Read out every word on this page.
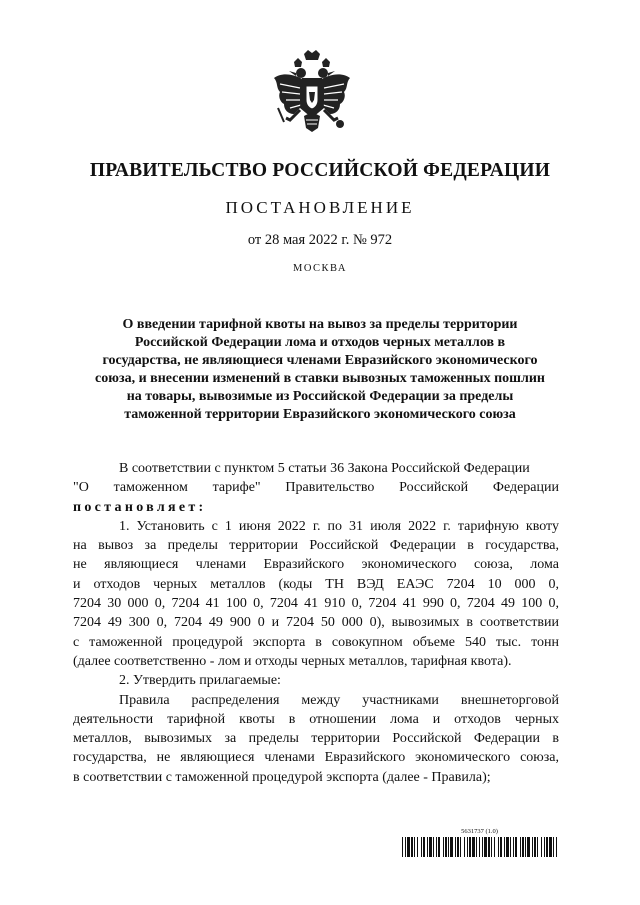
ПРАВИТЕЛЬСТВО РОССИЙСКОЙ ФЕДЕРАЦИИ
ПОСТАНОВЛЕНИЕ
от 28 мая 2022 г. № 972
МОСКВА
О введении тарифной квоты на вывоз за пределы территории
Российской Федерации лома и отходов черных металлов в
государства, не являющиеся членами Евразийского экономического
союза, и внесении изменений в ставки вывозных таможенных пошлин
на товары, вывозимые из Российской Федерации за пределы
таможенной территории Евразийского экономического союза
В соответствии с пунктом 5 статьи 36 Закона Российской Федерации
"О таможенном тарифе" Правительство Российской Федерации
постановляет:
1. Установить с 1 июня 2022 г. по 31 июля 2022 г. тарифную квоту
на вывоз за пределы территории Российской Федерации в государства,
не являющиеся членами Евразийского экономического союза, лома
и отходов черных металлов (коды ТН ВЭД ЕАЭС 7204 10 000 0,
7204 30 000 0, 7204 41 100 0, 7204 41 910 0, 7204 41 990 0, 7204 49 100 0,
7204 49 300 0, 7204 49 900 0 и 7204 50 000 0), вывозимых в соответствии
с таможенной процедурой экспорта в совокупном объеме 540 тыс. тонн
(далее соответственно - лом и отходы черных металлов, тарифная квота).
2. Утвердить прилагаемые:
Правила распределения между участниками внешнеторговой
деятельности тарифной квоты в отношении лома и отходов черных
металлов, вывозимых за пределы территории Российской Федерации в
государства, не являющиеся членами Евразийского экономического союза,
в соответствии с таможенной процедурой экспорта (далее - Правила);
5631737 (1.0)
